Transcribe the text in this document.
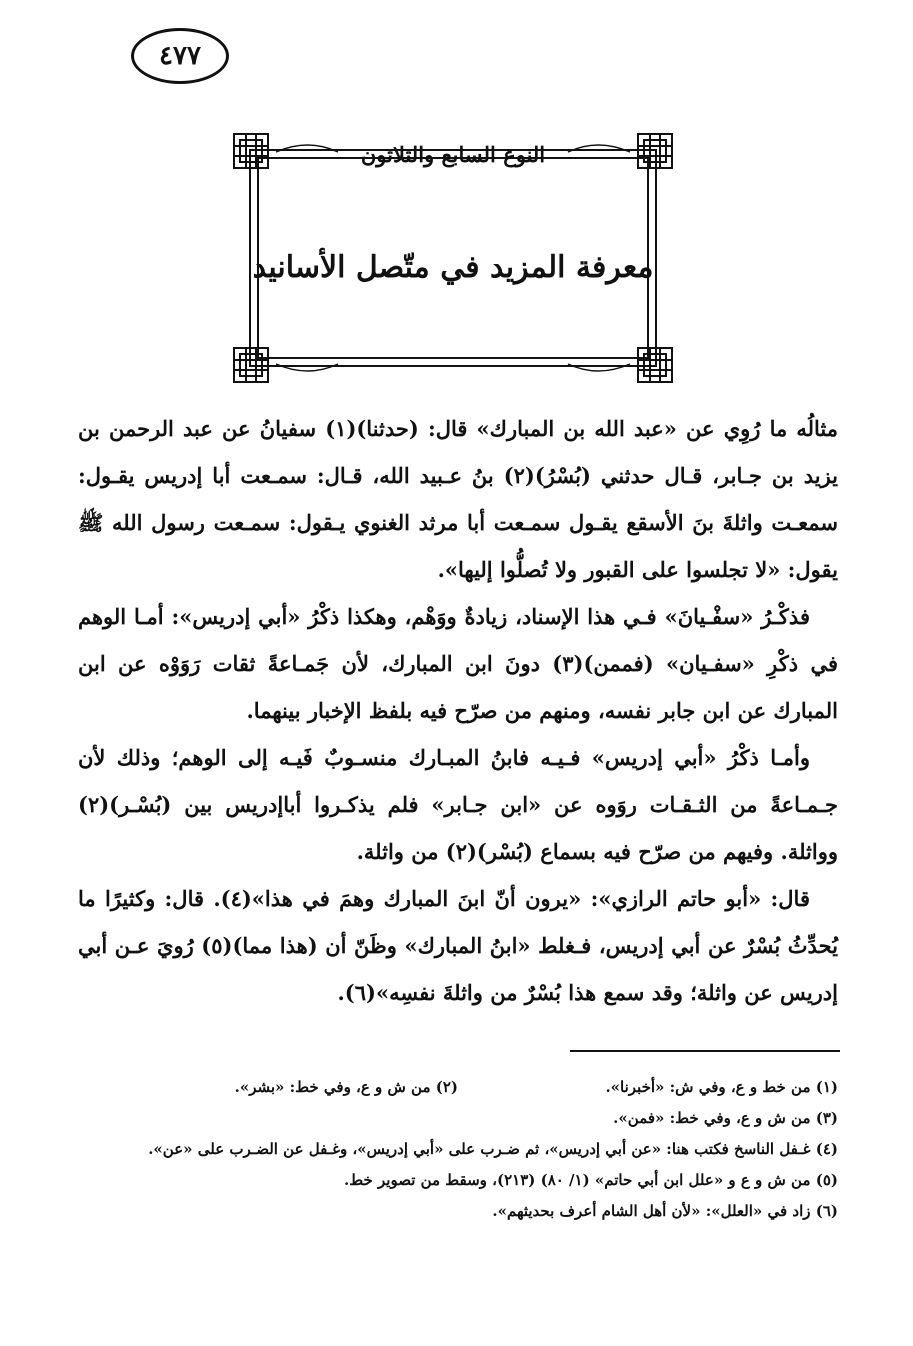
٤٧٧
النوع السابع والثلاثون
معرفة المزيد في متّصل الأسانيد

مثالُه ما رُوِي عن «عبد الله بن المبارك» قال: (حدثنا)(١) سفيانُ عن عبد الرحمن بن يزيد بن جـابر، قـال حدثني (بُسْرُ)(٢) بنُ عـبيد الله، قـال: سمـعت أبا إدريس يقـول: سمعـت واثلةَ بنَ الأسقع يقـول سمـعت أبا مرثد الغنوي يـقول: سمـعت رسول الله ﷺ يقول: «لا تجلسوا على القبور ولا تُصلُّوا إليها».

فذكْـرُ «سفْـيانَ» فـي هذا الإسناد، زيادةٌ ووَهْم، وهكذا ذكْرُ «أبي إدريس»: أمـا الوهم في ذكْرِ «سفـيان» (فممن)(٣) دونَ ابن المبارك، لأن جَمـاعةً ثقات رَوَوْه عن ابن المبارك عن ابن جابر نفسه، ومنهم من صرّح فيه بلفظ الإخبار بينهما.

وأمـا ذكْرُ «أبي إدريس» فـيـه فابنُ المبـارك منسـوبٌ فَيـه إلى الوهم؛ وذلك لأن جـمـاعةً من الثـقـات روَوه عن «ابن جـابر» فلم يذكـروا أباإدريس بين (بُسْـر)(٢) وواثلة. وفيهم من صرّح فيه بسماع (بُسْر)(٢) من واثلة.

قال: «أبو حاتم الرازي»: «يرون أنّ ابنَ المبارك وهمَ في هذا»(٤). قال: وكثيرًا ما يُحدِّثُ بُسْرٌ عن أبي إدريس، فـغلط «ابنُ المبارك» وظَنّ أن (هذا مما)(٥) رُويَ عـن أبي إدريس عن واثلة؛ وقد سمع هذا بُسْرٌ من واثلةَ نفسِه»(٦).

(١) من خط و ع، وفي ش: «أخبرنا».
(٢) من ش و ع، وفي خط: «بشر».

(٣) من ش و ع، وفي خط: «فمن».

(٤) غـفل الناسخ فكتب هنا: «عن أبي إدريس»، ثم ضـرب على «أبي إدريس»، وغـفل عن الضـرب على «عن».

(٥) من ش و ع و «علل ابن أبي حاتم» (١/ ٨٠) (٢١٣)، وسقط من تصوير خط.

(٦) زاد في «العلل»: «لأن أهل الشام أعرف بحديثهم».
